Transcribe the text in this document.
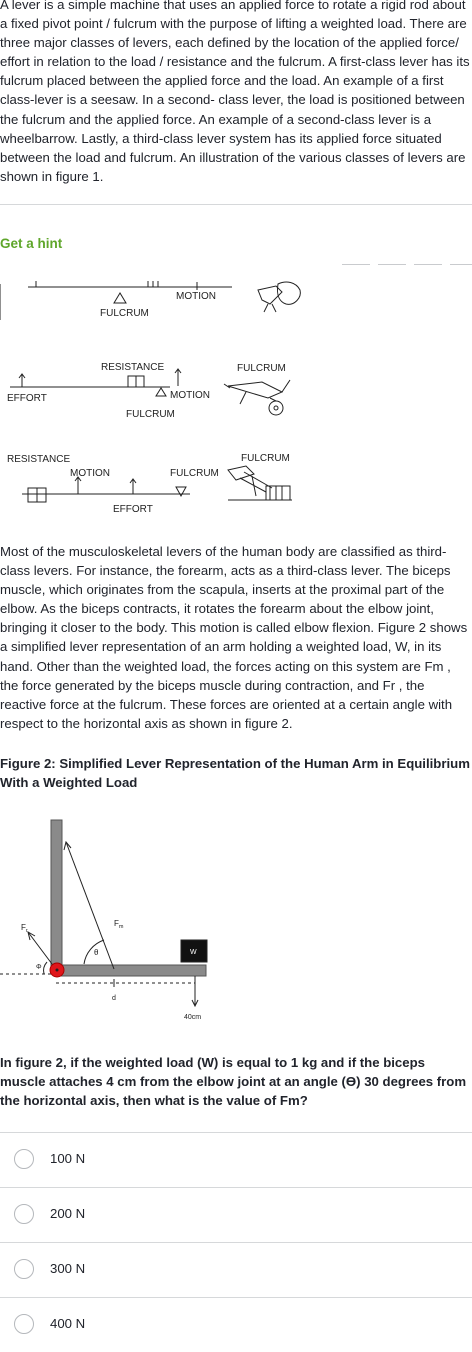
A lever is a simple machine that uses an applied force to rotate a rigid rod about a fixed pivot point / fulcrum with the purpose of lifting a weighted load. There are three major classes of levers, each defined by the location of the applied force/ effort in relation to the load / resistance and the fulcrum. A first-class lever has its fulcrum placed between the applied force and the load. An example of a first class-lever is a seesaw. In a second- class lever, the load is positioned between the fulcrum and the applied force. An example of a second-class lever is a wheelbarrow. Lastly, a third-class lever system has its applied force situated between the load and fulcrum. An illustration of the various classes of levers are shown in figure 1.

Get a hint
FULCRUM
MOTION
RESISTANCE
EFFORT	MOTION
FULCRUM
FULCRUM
RESISTANCE
MOTION	FULCRUM
EFFORT
FULCRUM

Most of the musculoskeletal levers of the human body are classified as third-class levers. For instance, the forearm, acts as a third-class lever. The biceps muscle, which originates from the scapula, inserts at the proximal part of the elbow. As the biceps contracts, it rotates the forearm about the elbow joint, bringing it closer to the body. This motion is called elbow flexion. Figure 2 shows a simplified lever representation of an arm holding a weighted load, W, in its hand. Other than the weighted load, the forces acting on this system are Fm , the force generated by the biceps muscle during contraction, and Fr , the reactive force at the fulcrum. These forces are oriented at a certain angle with respect to the horizontal axis as shown in figure 2.

Figure 2: Simplified Lever Representation of the Human Arm in Equilibrium With a Weighted Load

W
$F_r$
$F_m$
Φ
θ
d
40cm

In figure 2, if the weighted load (W) is equal to 1 kg and if the biceps muscle attaches 4 cm from the elbow joint at an angle (ϴ) 30 degrees from the horizontal axis, then what is the value of Fm?

100 N
200 N
300 N
400 N
